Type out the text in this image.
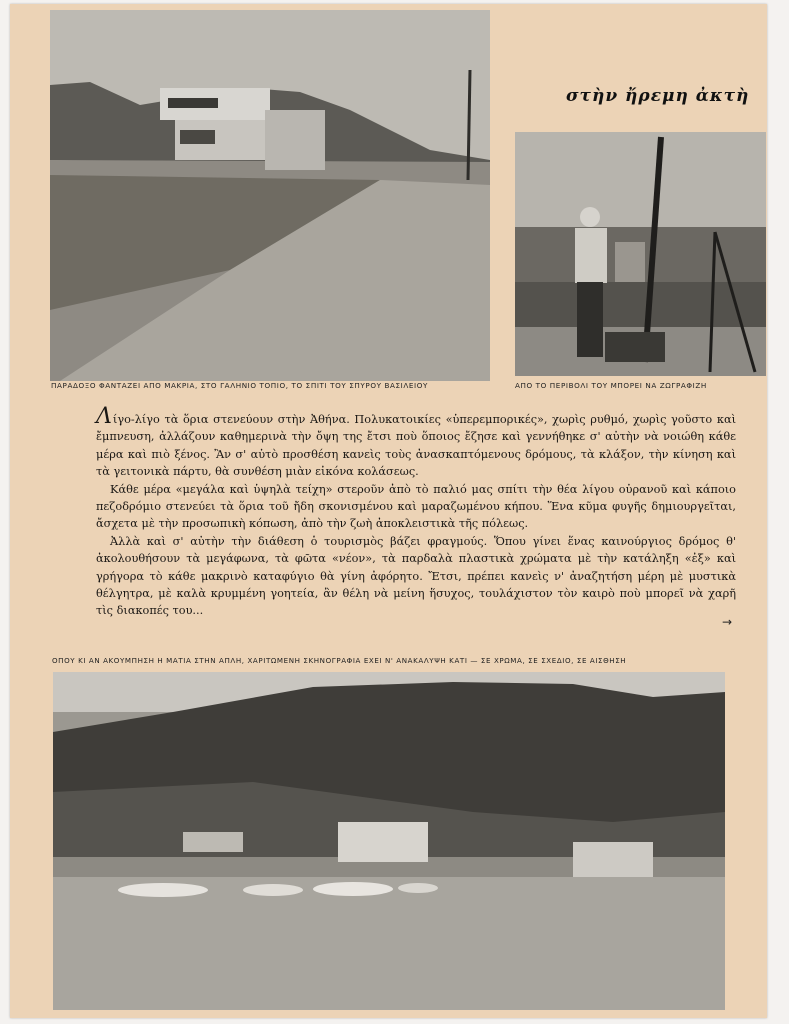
στὴν ἤρεμη ἀκτὴ
ΠΑΡΑΔΟΞΟ ΦΑΝΤΑΖΕΙ ΑΠΟ ΜΑΚΡΙΑ, ΣΤΟ ΓΑΛΗΝΙΟ ΤΟΠΙΟ, ΤΟ ΣΠΙΤΙ ΤΟΥ ΣΠΥΡΟΥ ΒΑΣΙΛΕΙΟΥ	ΑΠΟ ΤΟ ΠΕΡΙΒΟΛΙ ΤΟΥ ΜΠΟΡΕΙ ΝΑ ΖΩΓΡΑΦΙΖΗ

Λίγο-λίγο τὰ ὅρια στενεύουν στὴν Ἀθήνα. Πολυκατοικίες «ὑπερεμπορικές», χωρὶς ρυθμό, χωρὶς γοῦστο καὶ ἔμπνευση, ἀλλάζουν καθημερινὰ τὴν ὄψη της ἔτσι ποὺ ὅποιος ἔζησε καὶ γεννήθηκε σ' αὐτὴν νὰ νοιώθη κάθε μέρα καὶ πιὸ ξένος. Ἂν σ' αὐτὸ προσθέση κανεὶς τοὺς ἀνασκαπτόμενους δρόμους, τὰ κλάξον, τὴν κίνηση καὶ τὰ γειτονικὰ πάρτυ, θὰ συνθέση μιὰν εἰκόνα κολάσεως.

Κάθε μέρα «μεγάλα καὶ ὑψηλὰ τείχη» στεροῦν ἀπὸ τὸ παλιό μας σπίτι τὴν θέα λίγου οὐρανοῦ καὶ κάποιο πεζοδρόμιο στενεύει τὰ ὅρια τοῦ ἤδη σκονισμένου καὶ μαραζωμένου κήπου. Ἕνα κῦμα φυγῆς δημιουργεῖται, ἄσχετα μὲ τὴν προσωπικὴ κόπωση, ἀπὸ τὴν ζωὴ ἀποκλειστικὰ τῆς πόλεως.

Ἀλλὰ καὶ σ' αὐτὴν τὴν διάθεση ὁ τουρισμὸς βάζει φραγμούς. Ὅπου γίνει ἕνας καινούργιος δρόμος θ' ἀκολουθήσουν τὰ μεγάφωνα, τὰ φῶτα «νέον», τὰ παρδαλὰ πλαστικὰ χρώματα μὲ τὴν κατάληξη «ἐξ» καὶ γρήγορα τὸ κάθε μακρινὸ καταφύγιο θὰ γίνη ἀφόρητο. Ἔτσι, πρέπει κανεὶς ν' ἀναζητήση μέρη μὲ μυστικὰ θέλγητρα, μὲ καλὰ κρυμμένη γοητεία, ἂν θέλη νὰ μείνη ἥσυχος, τουλάχιστον τὸν καιρὸ ποὺ μπορεῖ νὰ χαρῆ τὶς διακοπές του...

→
ΟΠΟΥ ΚΙ ΑΝ ΑΚΟΥΜΠΗΣΗ Η ΜΑΤΙΑ ΣΤΗΝ ΑΠΛΗ, ΧΑΡΙΤΩΜΕΝΗ ΣΚΗΝΟΓΡΑΦΙΑ ΕΧΕΙ Ν' ΑΝΑΚΑΛΥΨΗ ΚΑΤΙ — ΣΕ ΧΡΩΜΑ, ΣΕ ΣΧΕΔΙΟ, ΣΕ ΑΙΣΘΗΣΗ
